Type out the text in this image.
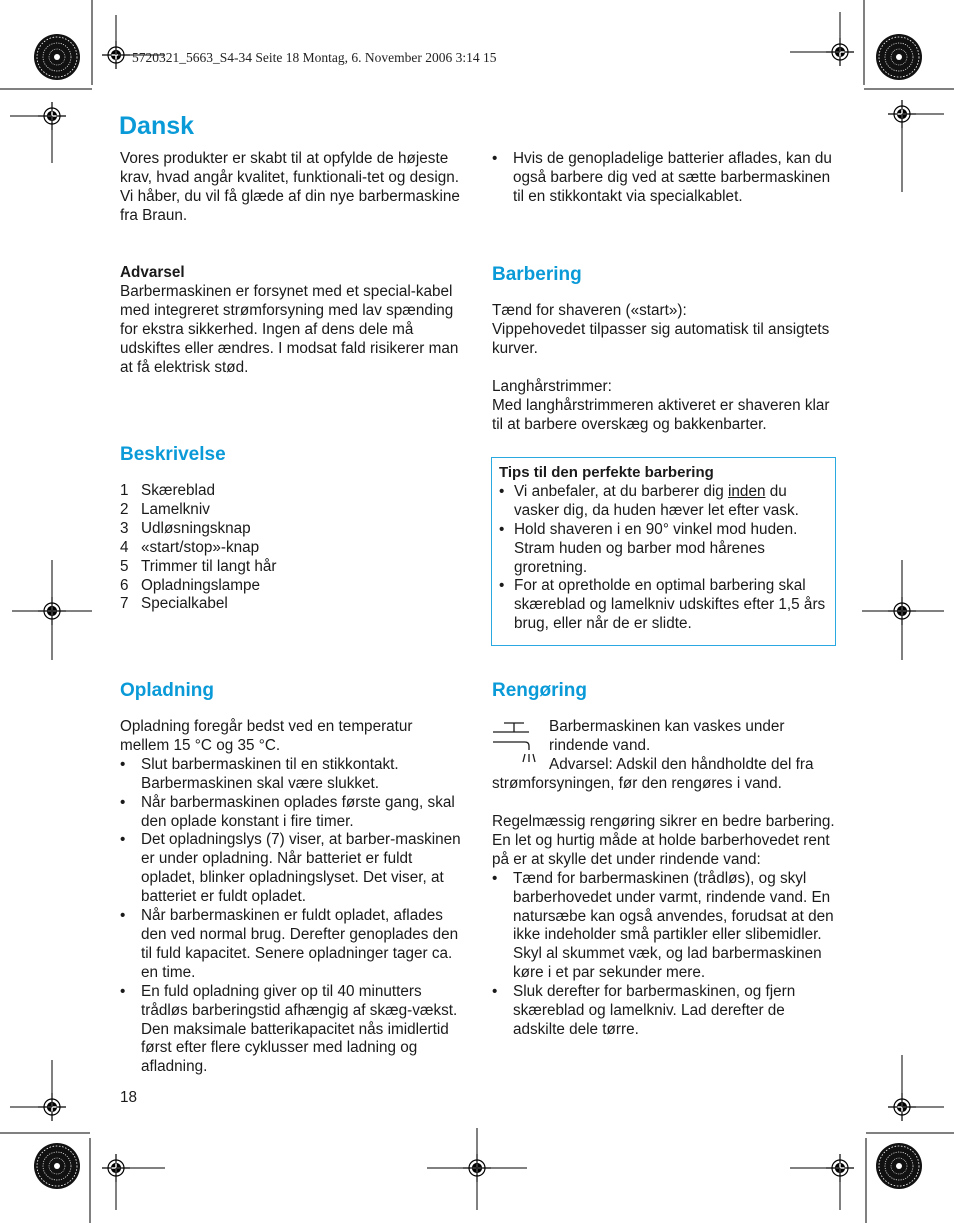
5720321_5663_S4-34 Seite 18 Montag, 6. November 2006 3:14 15
Dansk
Vores produkter er skabt til at opfylde de højeste krav, hvad angår kvalitet, funktionali-tet og design. Vi håber, du vil få glæde af din nye barbermaskine fra Braun.
Advarsel
Barbermaskinen er forsynet med et special-kabel med integreret strømforsyning med lav spænding for ekstra sikkerhed. Ingen af dens dele må udskiftes eller ændres. I modsat fald risikerer man at få elektrisk stød.
Beskrivelse
1 Skæreblad
2 Lamelkniv
3 Udløsningsknap
4 «start/stop»-knap
5 Trimmer til langt hår
6 Opladningslampe
7 Specialkabel
Opladning

Opladning foregår bedst ved en temperatur mellem 15 °C og 35 °C.

• Slut barbermaskinen til en stikkontakt. Barbermaskinen skal være slukket.
• Når barbermaskinen oplades første gang, skal den oplade konstant i fire timer.
• Det opladningslys (7) viser, at barber-maskinen er under opladning. Når batteriet er fuldt opladet, blinker opladningslyset. Det viser, at batteriet er fuldt opladet.
• Når barbermaskinen er fuldt opladet, aflades den ved normal brug. Derefter genoplades den til fuld kapacitet. Senere opladninger tager ca. en time.
• En fuld opladning giver op til 40 minutters trådløs barberingstid afhængig af skæg-vækst. Den maksimale batterikapacitet nås imidlertid først efter flere cyklusser med ladning og afladning.
18
• Hvis de genopladelige batterier aflades, kan du også barbere dig ved at sætte barbermaskinen til en stikkontakt via specialkablet.
Barbering

Tænd for shaveren («start»):

Vippehovedet tilpasser sig automatisk til ansigtets kurver.

Langhårstrimmer:

Med langhårstrimmeren aktiveret er shaveren klar til at barbere overskæg og bakkenbarter.

Tips til den perfekte barbering
• Vi anbefaler, at du barberer dig inden du vasker dig, da huden hæver let efter vask.
• Hold shaveren i en 90° vinkel mod huden. Stram huden og barber mod hårenes groretning.
• For at opretholde en optimal barbering skal skæreblad og lamelkniv udskiftes efter 1,5 års brug, eller når de er slidte.
Rengøring

Barbermaskinen kan vaskes under rindende vand.

Advarsel: Adskil den håndholdte del fra strømforsyningen, før den rengøres i vand.

Regelmæssig rengøring sikrer en bedre barbering. En let og hurtig måde at holde barberhovedet rent på er at skylle det under rindende vand:

• Tænd for barbermaskinen (trådløs), og skyl barberhovedet under varmt, rindende vand. En natursæbe kan også anvendes, forudsat at den ikke indeholder små partikler eller slibemidler. Skyl al skummet væk, og lad barbermaskinen køre i et par sekunder mere.
• Sluk derefter for barbermaskinen, og fjern skæreblad og lamelkniv. Lad derefter de adskilte dele tørre.
